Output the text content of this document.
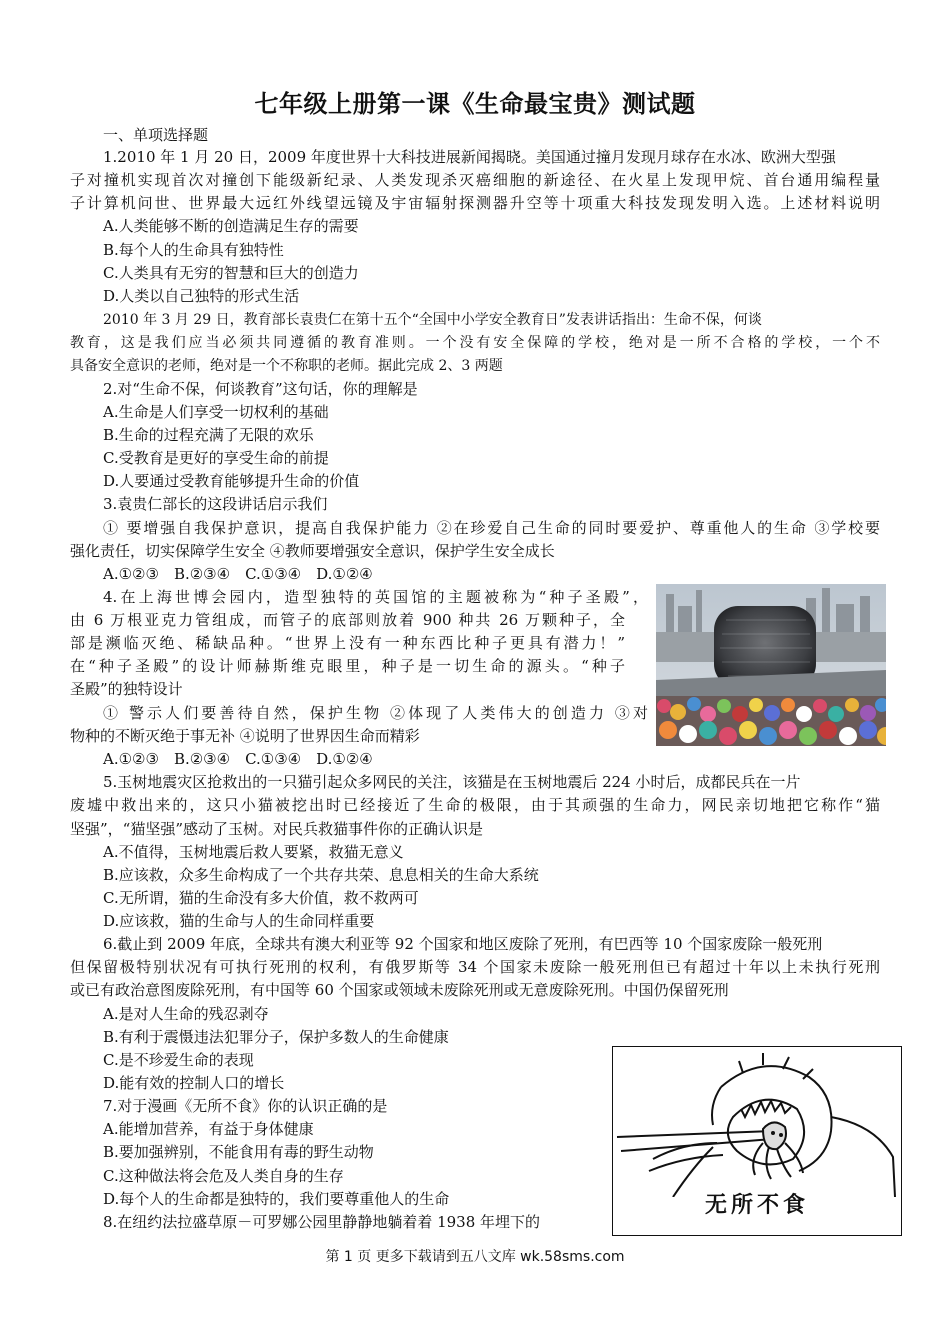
七年级上册第一课《生命最宝贵》测试题
一、单项选择题
1.2010 年 1 月 20 日，2009 年度世界十大科技进展新闻揭晓。美国通过撞月发现月球存在水冰、欧洲大型强
子对撞机实现首次对撞创下能级新纪录、人类发现杀灭癌细胞的新途径、在火星上发现甲烷、首台通用编程量
子计算机问世、世界最大远红外线望远镜及宇宙辐射探测器升空等十项重大科技发现发明入选。上述材料说明
A.人类能够不断的创造满足生存的需要
B.每个人的生命具有独特性
C.人类具有无穷的智慧和巨大的创造力
D.人类以自己独特的形式生活
2010 年 3 月 29 日，教育部长袁贵仁在第十五个“全国中小学安全教育日”发表讲话指出：生命不保，何谈
教育，这是我们应当必须共同遵循的教育准则。一个没有安全保障的学校，绝对是一所不合格的学校，一个不
具备安全意识的老师，绝对是一个不称职的老师。据此完成 2、3 两题
2.对“生命不保，何谈教育”这句话，你的理解是
A.生命是人们享受一切权利的基础
B.生命的过程充满了无限的欢乐
C.受教育是更好的享受生命的前提
D.人要通过受教育能够提升生命的价值
3.袁贵仁部长的这段讲话启示我们
① 要增强自我保护意识，提高自我保护能力 ②在珍爱自己生命的同时要爱护、尊重他人的生命 ③学校要
强化责任，切实保障学生安全 ④教师要增强安全意识，保护学生安全成长
A.①②③　B.②③④　C.①③④　D.①②④
4.在上海世博会园内，造型独特的英国馆的主题被称为“种子圣殿”，
由 6 万根亚克力管组成，而管子的底部则放着 900 种共 26 万颗种子，全
部是濒临灭绝、稀缺品种。“世界上没有一种东西比种子更具有潜力！”
在“种子圣殿”的设计师赫斯维克眼里，种子是一切生命的源头。“种子
圣殿”的独特设计
① 警示人们要善待自然，保护生物 ②体现了人类伟大的创造力 ③对
物种的不断灭绝于事无补 ④说明了世界因生命而精彩
A.①②③　B.②③④　C.①③④　D.①②④
5.玉树地震灾区抢救出的一只猫引起众多网民的关注，该猫是在玉树地震后 224 小时后，成都民兵在一片
废墟中救出来的，这只小猫被挖出时已经接近了生命的极限，由于其顽强的生命力，网民亲切地把它称作“猫
坚强”，“猫坚强”感动了玉树。对民兵救猫事件你的正确认识是
A.不值得，玉树地震后救人要紧，救猫无意义
B.应该救，众多生命构成了一个共存共荣、息息相关的生命大系统
C.无所谓，猫的生命没有多大价值，救不救两可
D.应该救，猫的生命与人的生命同样重要
6.截止到 2009 年底，全球共有澳大利亚等 92 个国家和地区废除了死刑，有巴西等 10 个国家废除一般死刑
但保留极特别状况有可执行死刑的权利，有俄罗斯等 34 个国家未废除一般死刑但已有超过十年以上未执行死刑
或已有政治意图废除死刑，有中国等 60 个国家或领域未废除死刑或无意废除死刑。中国仍保留死刑
A.是对人生命的残忍剥夺
B.有利于震慑违法犯罪分子，保护多数人的生命健康
C.是不珍爱生命的表现
D.能有效的控制人口的增长
7.对于漫画《无所不食》你的认识正确的是
A.能增加营养，有益于身体健康
B.要加强辨别，不能食用有毒的野生动物
C.这种做法将会危及人类自身的生存
D.每个人的生命都是独特的，我们要尊重他人的生命
8.在纽约法拉盛草原－可罗娜公园里静静地躺着着 1938 年埋下的
无所不食
第 1 页 更多下载请到五八文库 wk.58sms.com
